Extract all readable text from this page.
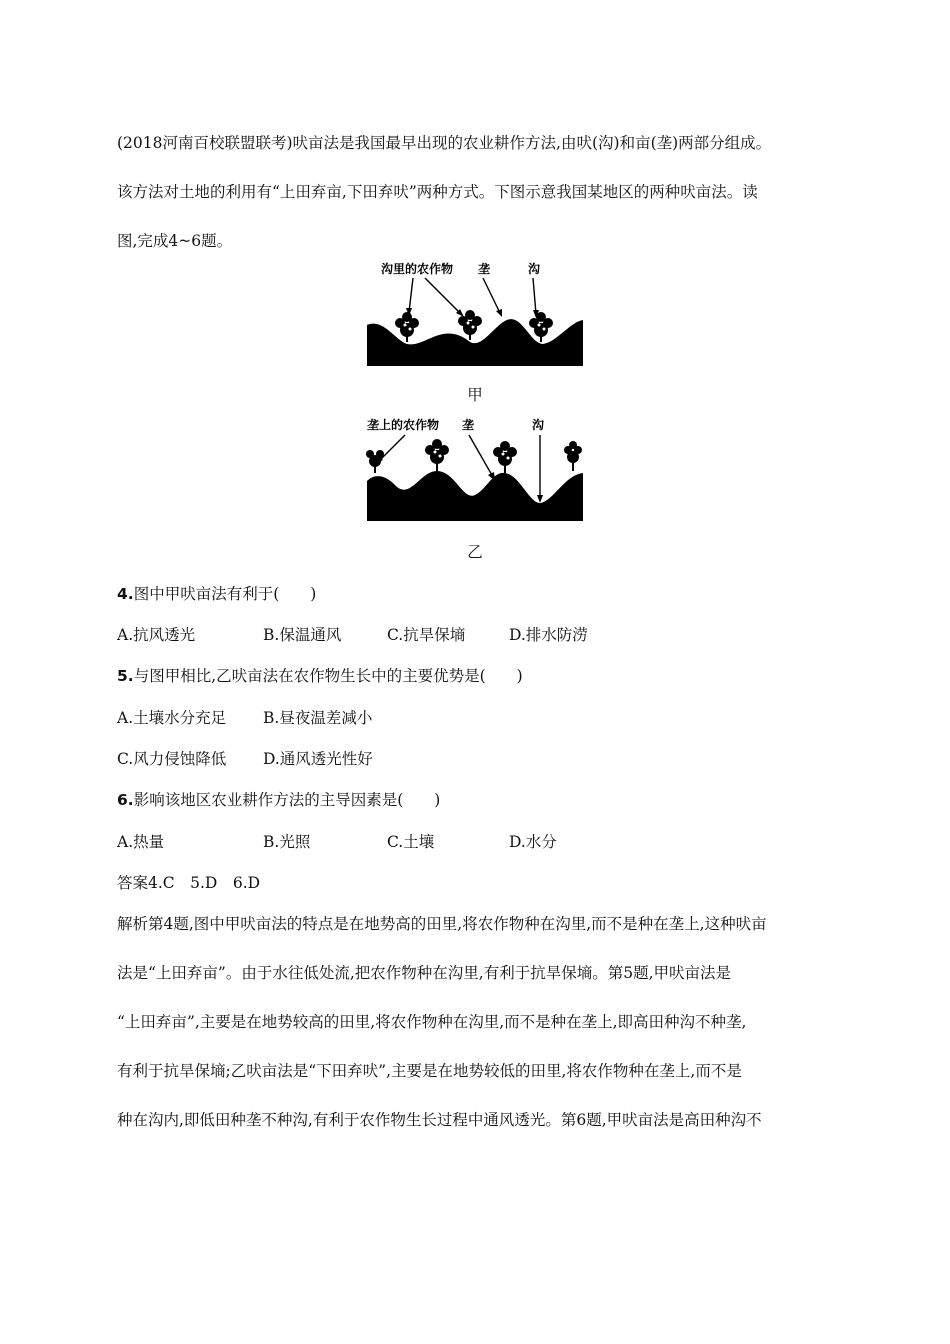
(2018河南百校联盟联考)吠亩法是我国最早出现的农业耕作方法,由吠(沟)和亩(垄)两部分组成。
该方法对土地的利用有“上田弃亩,下田弃吠”两种方式。下图示意我国某地区的两种吠亩法。读
图,完成4~6题。
沟里的农作物 垄	沟
甲
垄上的农作物 垄	沟
乙
4.图中甲吠亩法有利于(　　)
A.抗风透光	B.保温通风	C.抗旱保墒	D.排水防涝
5.与图甲相比,乙吠亩法在农作物生长中的主要优势是(　　)
A.土壤水分充足 B.昼夜温差减小
C.风力侵蚀降低 D.通风透光性好
6.影响该地区农业耕作方法的主导因素是(　　)
A.热量	B.光照	C.土壤	D.水分
答案4.C　5.D　6.D
解析第4题,图中甲吠亩法的特点是在地势高的田里,将农作物种在沟里,而不是种在垄上,这种吠亩
法是“上田弃亩”。由于水往低处流,把农作物种在沟里,有利于抗旱保墒。第5题,甲吠亩法是
“上田弃亩”,主要是在地势较高的田里,将农作物种在沟里,而不是种在垄上,即高田种沟不种垄,
有利于抗旱保墒;乙吠亩法是“下田弃吠”,主要是在地势较低的田里,将农作物种在垄上,而不是
种在沟内,即低田种垄不种沟,有利于农作物生长过程中通风透光。第6题,甲吠亩法是高田种沟不
